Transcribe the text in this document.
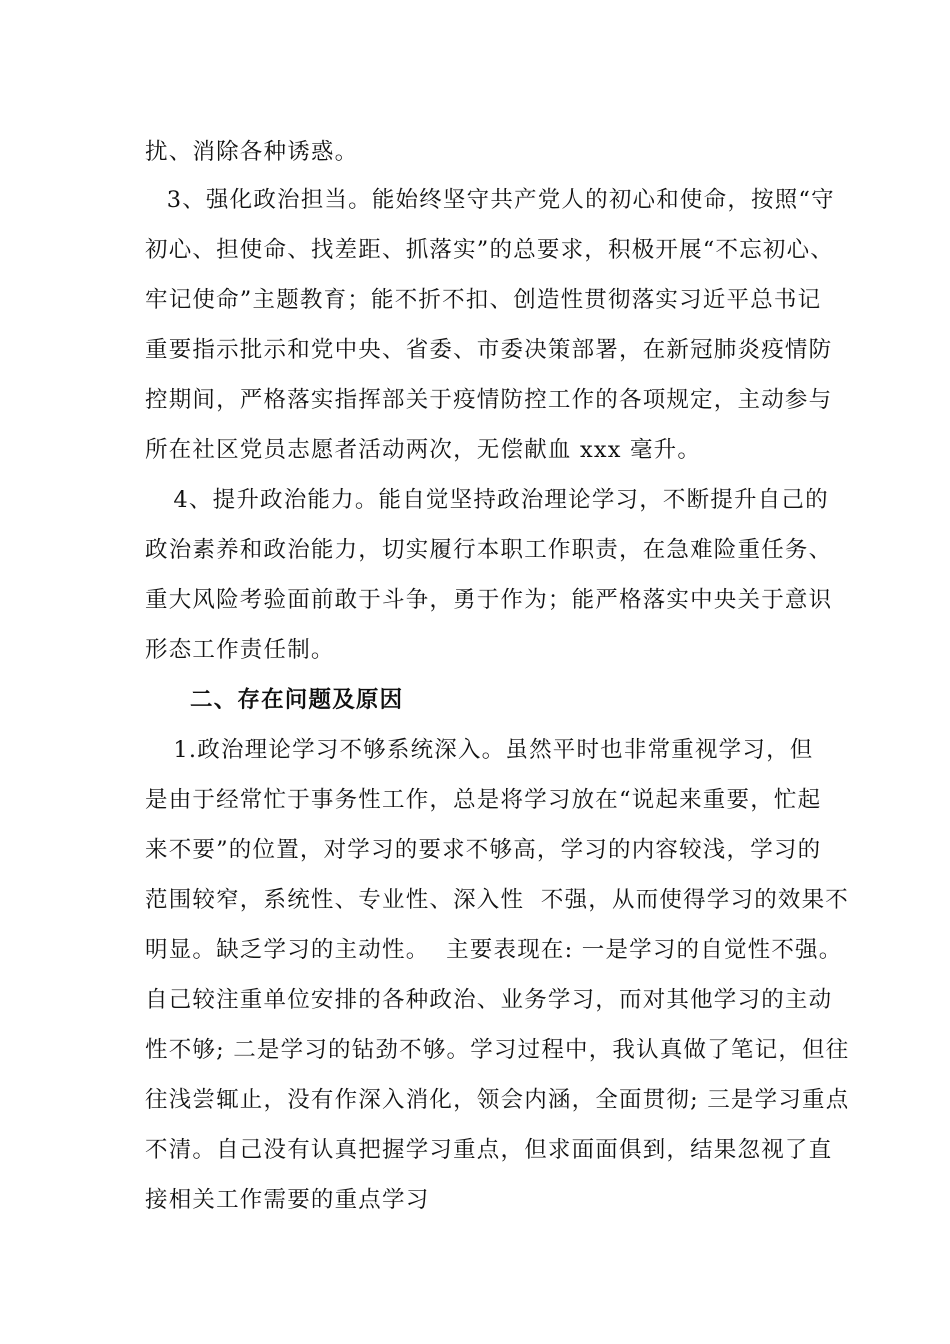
扰、消除各种诱惑。
3、强化政治担当。能始终坚守共产党人的初心和使命，按照“守
初心、担使命、找差距、抓落实”的总要求，积极开展“不忘初心、
牢记使命”主题教育；能不折不扣、创造性贯彻落实习近平总书记
重要指示批示和党中央、省委、市委决策部署，在新冠肺炎疫情防
控期间，严格落实指挥部关于疫情防控工作的各项规定，主动参与
所在社区党员志愿者活动两次，无偿献血 xxx 毫升。
4、提升政治能力。能自觉坚持政治理论学习，不断提升自己的
政治素养和政治能力，切实履行本职工作职责，在急难险重任务、
重大风险考验面前敢于斗争，勇于作为；能严格落实中央关于意识
形态工作责任制。
二、存在问题及原因
1.政治理论学习不够系统深入。虽然平时也非常重视学习，但
是由于经常忙于事务性工作，总是将学习放在“说起来重要，忙起
来不要”的位置，对学习的要求不够高，学习的内容较浅，学习的
范围较窄，系统性、专业性、深入性  不强，从而使得学习的效果不
明显。缺乏学习的主动性。  主要表现在: 一是学习的自觉性不强。
自己较注重单位安排的各种政治、业务学习，而对其他学习的主动
性不够; 二是学习的钻劲不够。学习过程中，我认真做了笔记，但往
往浅尝辄止，没有作深入消化，领会内涵，全面贯彻; 三是学习重点
不清。自己没有认真把握学习重点，但求面面俱到，结果忽视了直
接相关工作需要的重点学习
